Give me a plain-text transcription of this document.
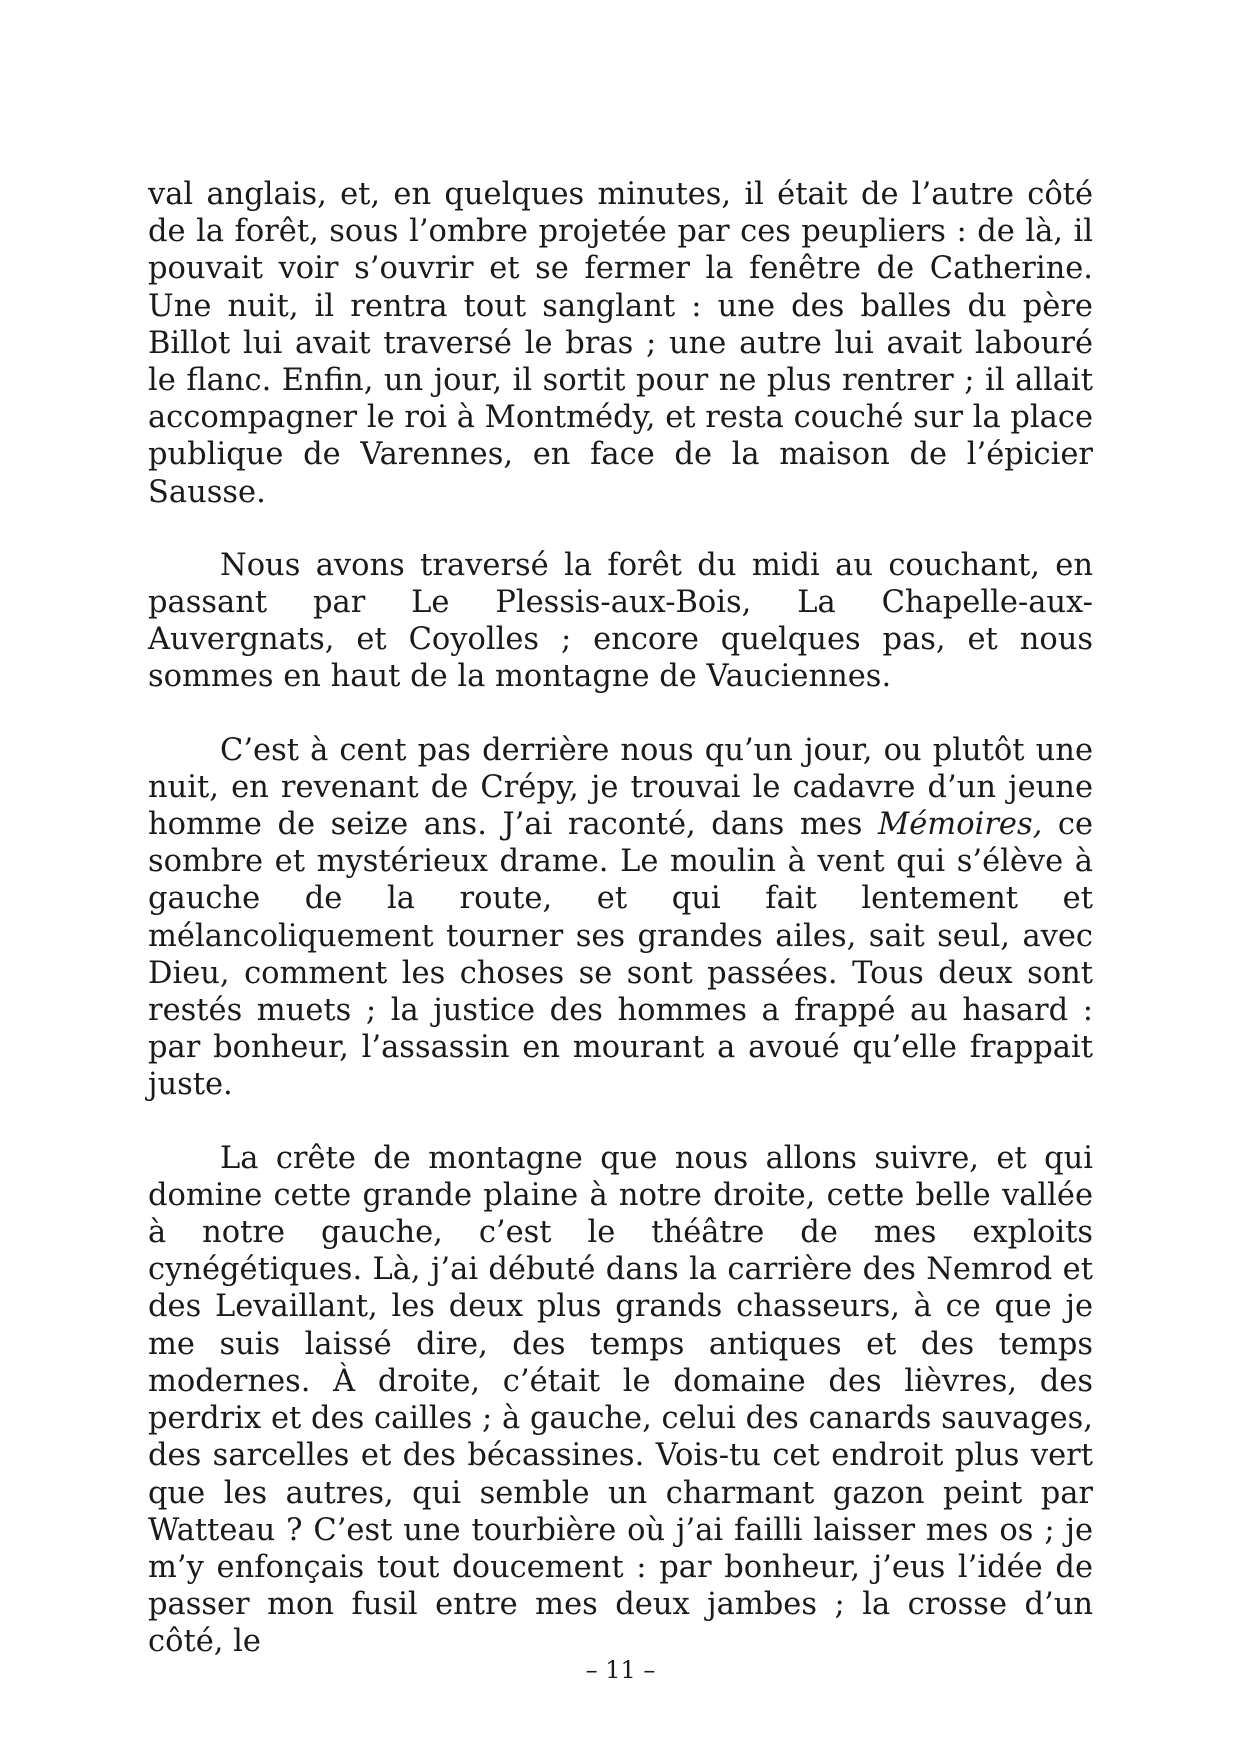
val anglais, et, en quelques minutes, il était de l’autre côté de la forêt, sous l’ombre projetée par ces peupliers : de là, il pouvait voir s’ouvrir et se fermer la fenêtre de Catherine. Une nuit, il rentra tout sanglant : une des balles du père Billot lui avait traversé le bras ; une autre lui avait labouré le flanc. Enfin, un jour, il sortit pour ne plus rentrer ; il allait accompagner le roi à Montmédy, et resta couché sur la place publique de Varennes, en face de la maison de l’épicier Sausse.

Nous avons traversé la forêt du midi au couchant, en passant par Le Plessis-aux-Bois, La Chapelle-aux-Auvergnats, et Coyolles ; encore quelques pas, et nous sommes en haut de la montagne de Vauciennes.

C’est à cent pas derrière nous qu’un jour, ou plutôt une nuit, en revenant de Crépy, je trouvai le cadavre d’un jeune homme de seize ans. J’ai raconté, dans mes Mémoires, ce sombre et mystérieux drame. Le moulin à vent qui s’élève à gauche de la route, et qui fait lentement et mélancoliquement tourner ses grandes ailes, sait seul, avec Dieu, comment les choses se sont passées. Tous deux sont restés muets ; la justice des hommes a frappé au hasard : par bonheur, l’assassin en mourant a avoué qu’elle frappait juste.

La crête de montagne que nous allons suivre, et qui domine cette grande plaine à notre droite, cette belle vallée à notre gauche, c’est le théâtre de mes exploits cynégétiques. Là, j’ai débuté dans la carrière des Nemrod et des Levaillant, les deux plus grands chasseurs, à ce que je me suis laissé dire, des temps antiques et des temps modernes. À droite, c’était le domaine des lièvres, des perdrix et des cailles ; à gauche, celui des canards sauvages, des sarcelles et des bécassines. Vois-tu cet endroit plus vert que les autres, qui semble un charmant gazon peint par Watteau ? C’est une tourbière où j’ai failli laisser mes os ; je m’y enfonçais tout doucement : par bonheur, j’eus l’idée de passer mon fusil entre mes deux jambes ; la crosse d’un côté, le

– 11 –
